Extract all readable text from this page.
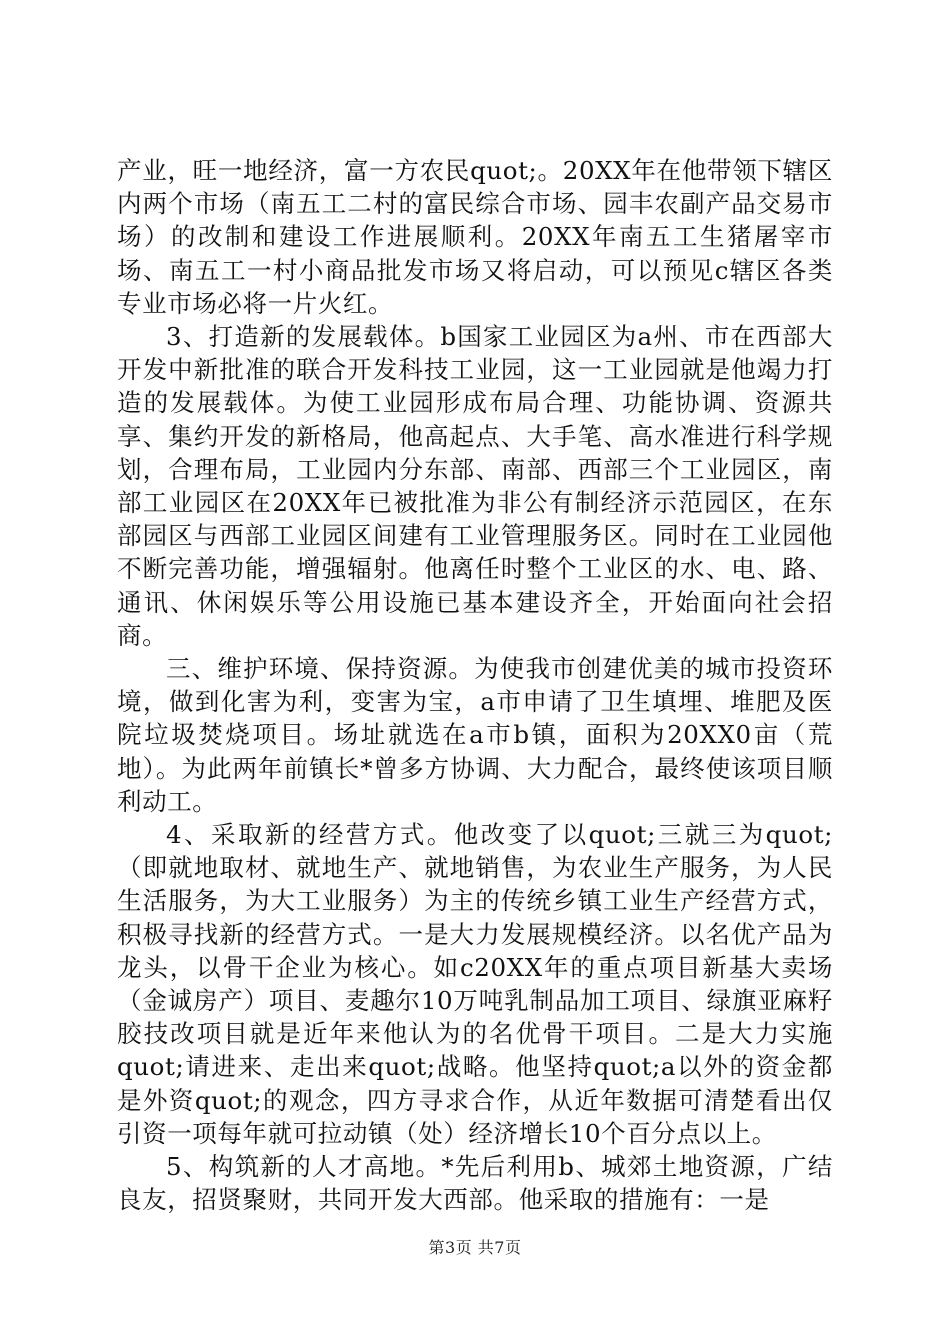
产业，旺一地经济，富一方农民quot;。20XX年在他带领下辖区内两个市场（南五工二村的富民综合市场、园丰农副产品交易市场）的改制和建设工作进展顺利。20XX年南五工生猪屠宰市场、南五工一村小商品批发市场又将启动，可以预见c辖区各类专业市场必将一片火红。

3、打造新的发展载体。b国家工业园区为a州、市在西部大开发中新批准的联合开发科技工业园，这一工业园就是他竭力打造的发展载体。为使工业园形成布局合理、功能协调、资源共享、集约开发的新格局，他高起点、大手笔、高水准进行科学规划，合理布局，工业园内分东部、南部、西部三个工业园区，南部工业园区在20XX年已被批准为非公有制经济示范园区，在东部园区与西部工业园区间建有工业管理服务区。同时在工业园他不断完善功能，增强辐射。他离任时整个工业区的水、电、路、通讯、休闲娱乐等公用设施已基本建设齐全，开始面向社会招商。

三、维护环境、保持资源。为使我市创建优美的城市投资环境，做到化害为利，变害为宝，a市申请了卫生填埋、堆肥及医院垃圾焚烧项目。场址就选在a市b镇，面积为20XX0亩（荒地）。为此两年前镇长*曾多方协调、大力配合，最终使该项目顺利动工。

4、采取新的经营方式。他改变了以quot;三就三为quot;（即就地取材、就地生产、就地销售，为农业生产服务，为人民生活服务，为大工业服务）为主的传统乡镇工业生产经营方式，积极寻找新的经营方式。一是大力发展规模经济。以名优产品为龙头，以骨干企业为核心。如c20XX年的重点项目新基大卖场（金诚房产）项目、麦趣尔10万吨乳制品加工项目、绿旗亚麻籽胶技改项目就是近年来他认为的名优骨干项目。二是大力实施quot;请进来、走出来quot;战略。他坚持quot;a以外的资金都是外资quot;的观念，四方寻求合作，从近年数据可清楚看出仅引资一项每年就可拉动镇（处）经济增长10个百分点以上。

5、构筑新的人才高地。*先后利用b、城郊土地资源，广结良友，招贤聚财，共同开发大西部。他采取的措施有：一是

第3页 共7页
